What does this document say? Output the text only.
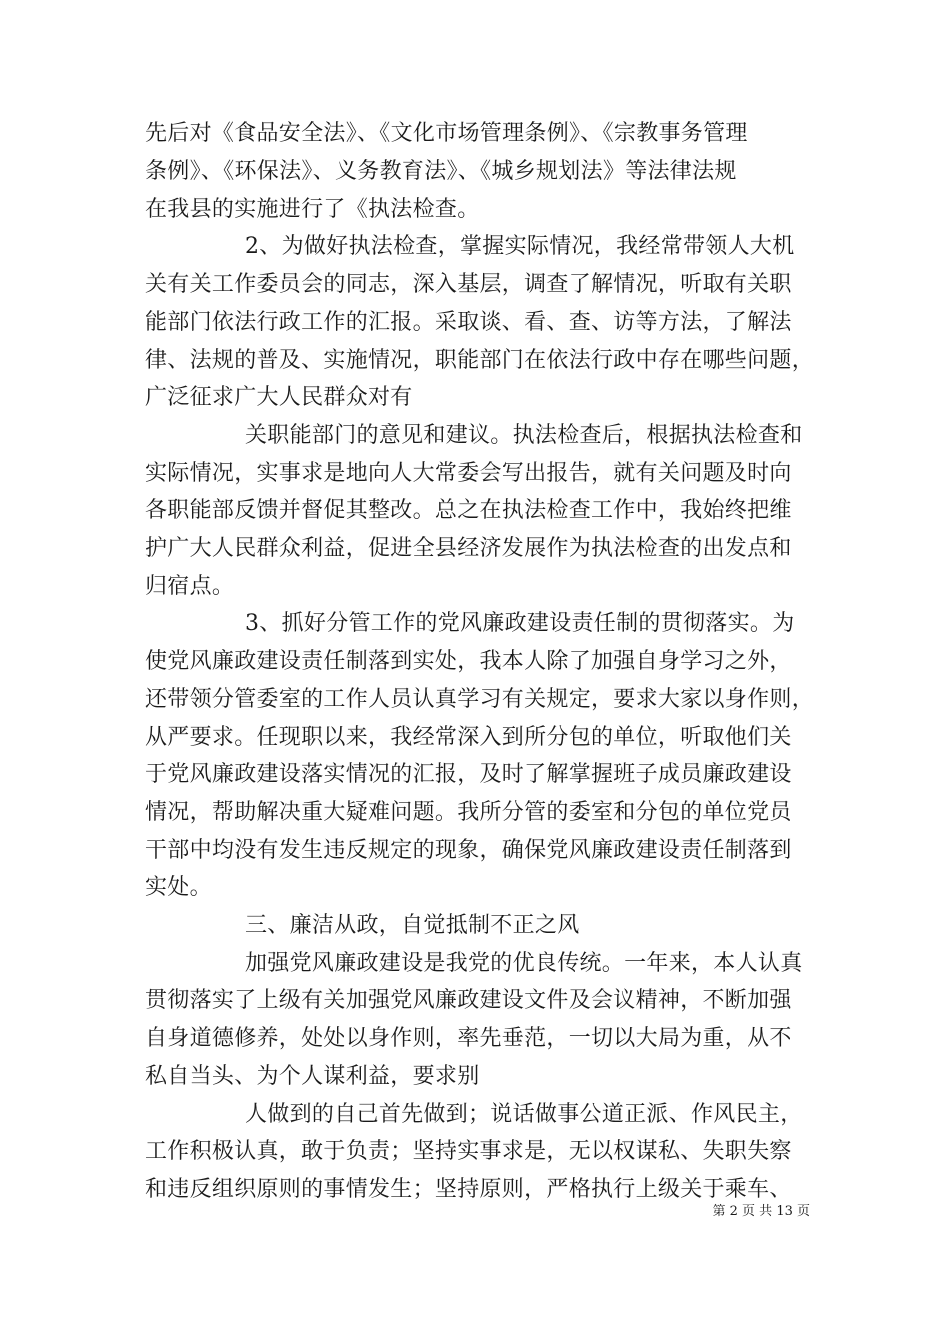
先后对《食品安全法》、《文化市场管理条例》、《宗教事务管理
条例》、《环保法》、义务教育法》、《城乡规划法》等法律法规
在我县的实施进行了《执法检查。
2、为做好执法检查，掌握实际情况，我经常带领人大机
关有关工作委员会的同志，深入基层，调查了解情况，听取有关职
能部门依法行政工作的汇报。采取谈、看、查、访等方法，了解法
律、法规的普及、实施情况，职能部门在依法行政中存在哪些问题，
广泛征求广大人民群众对有
关职能部门的意见和建议。执法检查后，根据执法检查和
实际情况，实事求是地向人大常委会写出报告，就有关问题及时向
各职能部反馈并督促其整改。总之在执法检查工作中，我始终把维
护广大人民群众利益，促进全县经济发展作为执法检查的出发点和
归宿点。
3、抓好分管工作的党风廉政建设责任制的贯彻落实。为
使党风廉政建设责任制落到实处，我本人除了加强自身学习之外，
还带领分管委室的工作人员认真学习有关规定，要求大家以身作则，
从严要求。任现职以来，我经常深入到所分包的单位，听取他们关
于党风廉政建设落实情况的汇报，及时了解掌握班子成员廉政建设
情况，帮助解决重大疑难问题。我所分管的委室和分包的单位党员
干部中均没有发生违反规定的现象，确保党风廉政建设责任制落到
实处。
三、廉洁从政，自觉抵制不正之风
加强党风廉政建设是我党的优良传统。一年来，本人认真
贯彻落实了上级有关加强党风廉政建设文件及会议精神，不断加强
自身道德修养，处处以身作则，率先垂范，一切以大局为重，从不
私自当头、为个人谋利益，要求别
人做到的自己首先做到；说话做事公道正派、作风民主，
工作积极认真，敢于负责；坚持实事求是，无以权谋私、失职失察
和违反组织原则的事情发生；坚持原则，严格执行上级关于乘车、
第 2 页 共 13 页
